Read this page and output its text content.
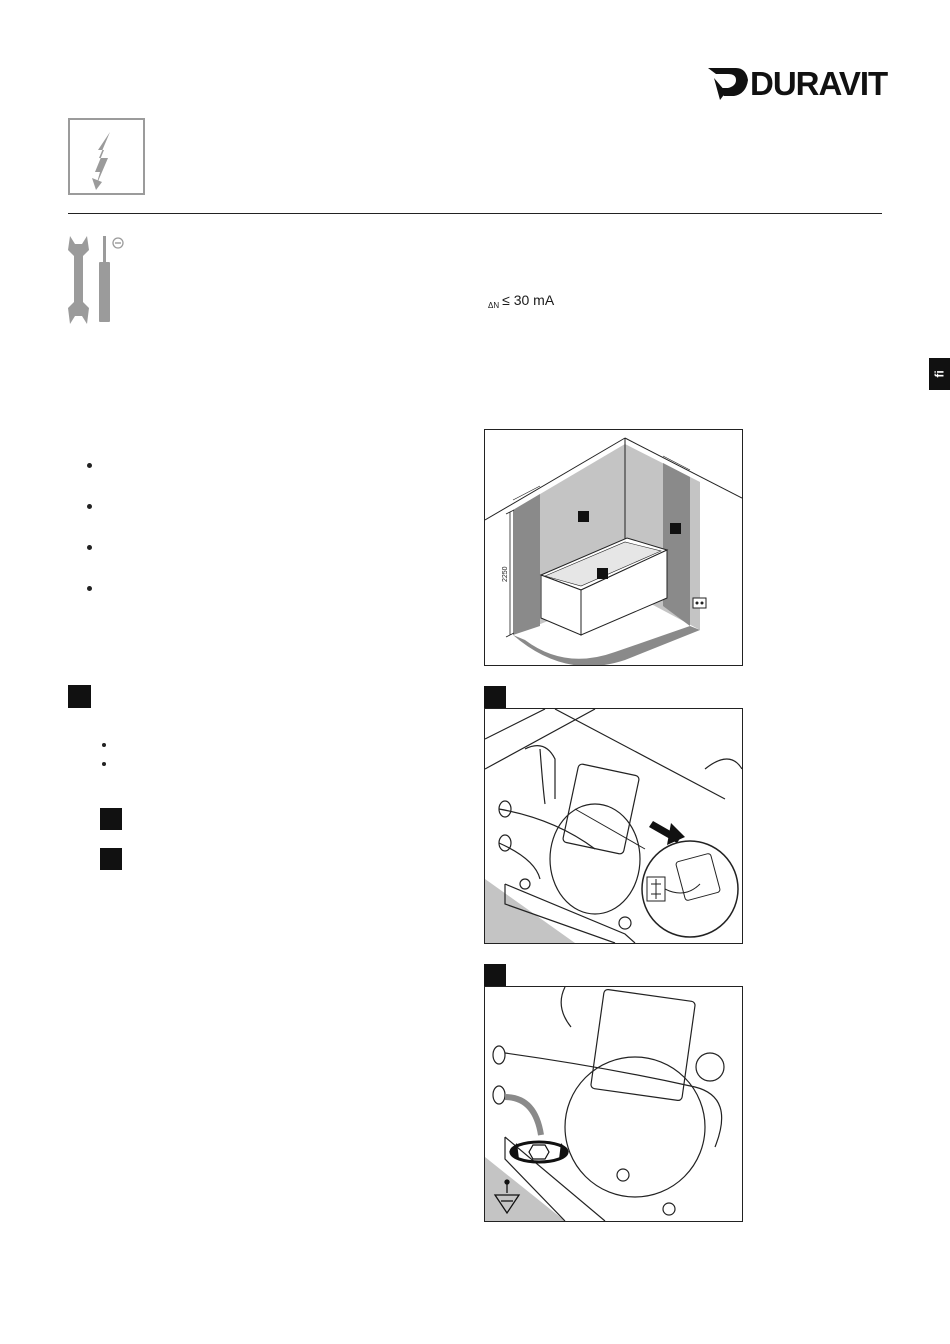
DURAVIT
$_{\Delta N}$ ≤ 30 mA
fi
2250
